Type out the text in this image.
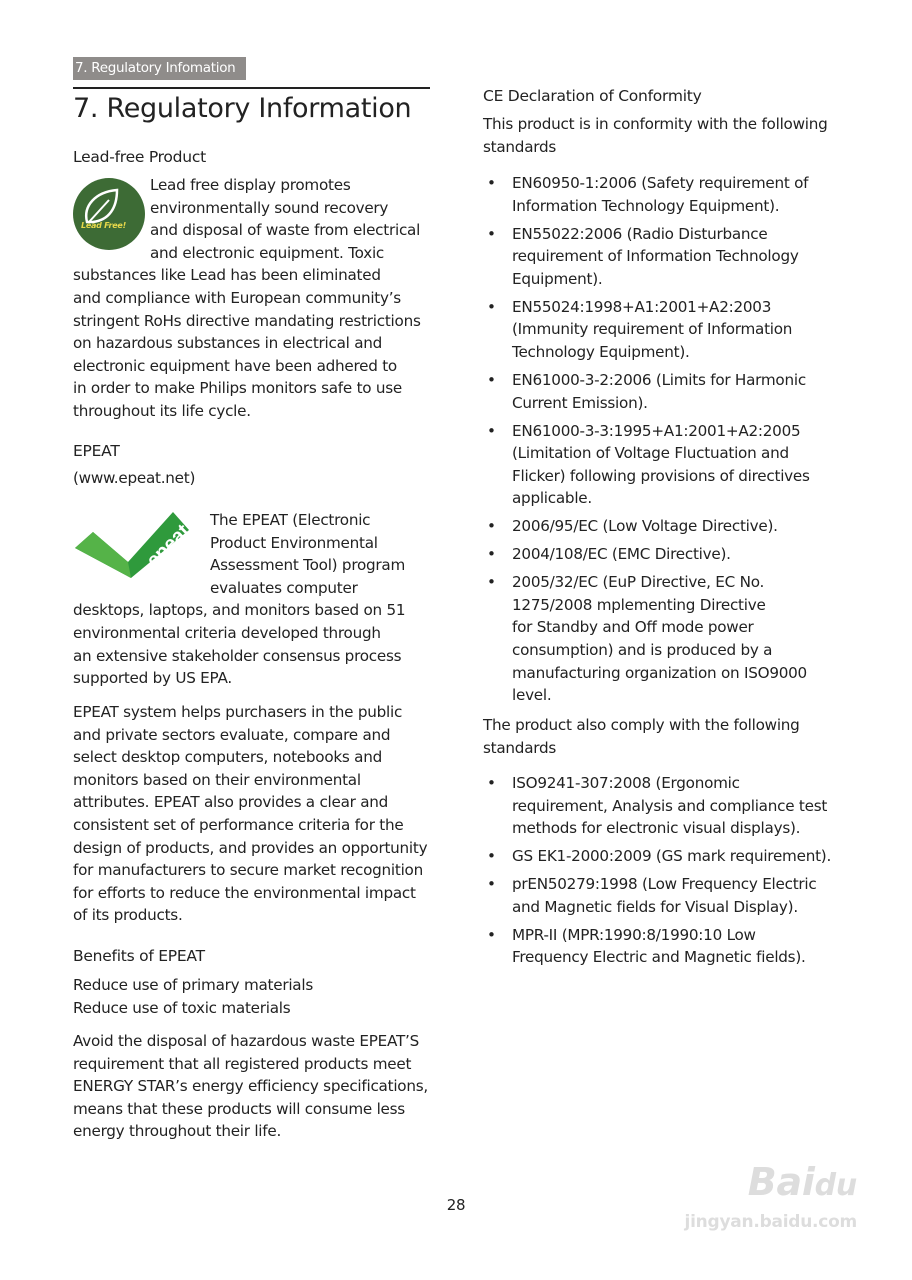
7. Regulatory Infomation
7. Regulatory Information
Lead-free Product
Lead Free!
Lead free display promotes
environmentally sound recovery
and disposal of waste from electrical
and electronic equipment. Toxic
substances like Lead has been eliminated
and compliance with European community’s
stringent RoHs directive mandating restrictions
on hazardous substances in electrical and
electronic equipment have been adhered to
in order to make Philips monitors safe to use
throughout its life cycle.
EPEAT
(www.epeat.net)
epeat
The EPEAT (Electronic
Product Environmental
Assessment Tool) program
evaluates computer
desktops, laptops, and monitors based on 51
environmental criteria developed through
an extensive stakeholder consensus process
supported by US EPA.
EPEAT system helps purchasers in the public
and private sectors evaluate, compare and
select desktop computers, notebooks and
monitors based on their environmental
attributes. EPEAT also provides a clear and
consistent set of performance criteria for the
design of products, and provides an opportunity
for manufacturers to secure market recognition
for efforts to reduce the environmental impact
of its products.
Benefits of EPEAT
Reduce use of primary materials
Reduce use of toxic materials
Avoid the disposal of hazardous waste EPEAT’S
requirement that all registered products meet
ENERGY STAR’s energy efficiency specifications,
means that these products will consume less
energy throughout their life.
CE Declaration of Conformity
This product is in conformity with the following
standards
• EN60950-1:2006 (Safety requirement of
Information Technology Equipment).
• EN55022:2006 (Radio Disturbance
requirement of Information Technology
Equipment).
• EN55024:1998+A1:2001+A2:2003
(Immunity requirement of Information
Technology Equipment).
• EN61000-3-2:2006 (Limits for Harmonic
Current Emission).
• EN61000-3-3:1995+A1:2001+A2:2005
(Limitation of Voltage Fluctuation and
Flicker) following provisions of directives
applicable.
• 2006/95/EC (Low Voltage Directive).
• 2004/108/EC (EMC Directive).
• 2005/32/EC (EuP Directive, EC No.
1275/2008 mplementing Directive
for Standby and Off mode power
consumption) and is produced by a
manufacturing organization on ISO9000
level.
The product also comply with the following
standards
• ISO9241-307:2008 (Ergonomic
requirement, Analysis and compliance test
methods for electronic visual displays).
• GS EK1-2000:2009 (GS mark requirement).
• prEN50279:1998 (Low Frequency Electric
and Magnetic fields for Visual Display).
• MPR-II (MPR:1990:8/1990:10 Low
Frequency Electric and Magnetic fields).
28
Baidu
jingyan.baidu.com
